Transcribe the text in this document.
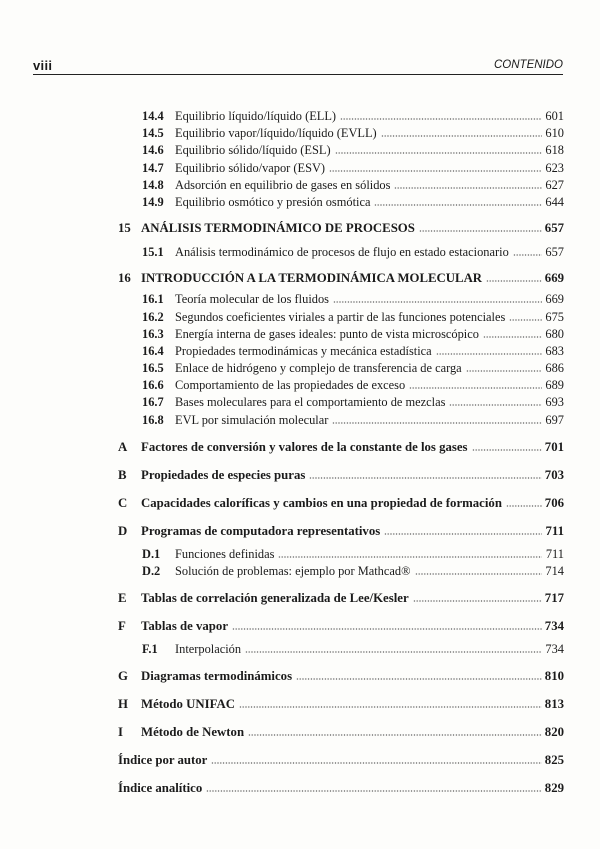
viii	CONTENIDO
14.4 Equilibrio líquido/líquido (ELL)	601
14.5 Equilibrio vapor/líquido/líquido (EVLL)	610
14.6 Equilibrio sólido/líquido (ESL)	618
14.7 Equilibrio sólido/vapor (ESV)	623
14.8 Adsorción en equilibrio de gases en sólidos	627
14.9 Equilibrio osmótico y presión osmótica	644
15 ANÁLISIS TERMODINÁMICO DE PROCESOS	657
15.1 Análisis termodinámico de procesos de flujo en estado estacionario	657
16 INTRODUCCIÓN A LA TERMODINÁMICA MOLECULAR	669
16.1 Teoría molecular de los fluidos	669
16.2 Segundos coeficientes viriales a partir de las funciones potenciales	675
16.3 Energía interna de gases ideales: punto de vista microscópico	680
16.4 Propiedades termodinámicas y mecánica estadística	683
16.5 Enlace de hidrógeno y complejo de transferencia de carga	686
16.6 Comportamiento de las propiedades de exceso	689
16.7 Bases moleculares para el comportamiento de mezclas	693
16.8 EVL por simulación molecular	697
A	Factores de conversión y valores de la constante de los gases	701
B	Propiedades de especies puras	703
C	Capacidades caloríficas y cambios en una propiedad de formación	706
D	Programas de computadora representativos	711
D.1	Funciones definidas	711
D.2	Solución de problemas: ejemplo por Mathcad®	714
E	Tablas de correlación generalizada de Lee/Kesler	717
F	Tablas de vapor	734
F.1	Interpolación	734
G	Diagramas termodinámicos	810
H	Método UNIFAC	813
I	Método de Newton	820
Índice por autor	825
Índice analítico	829
